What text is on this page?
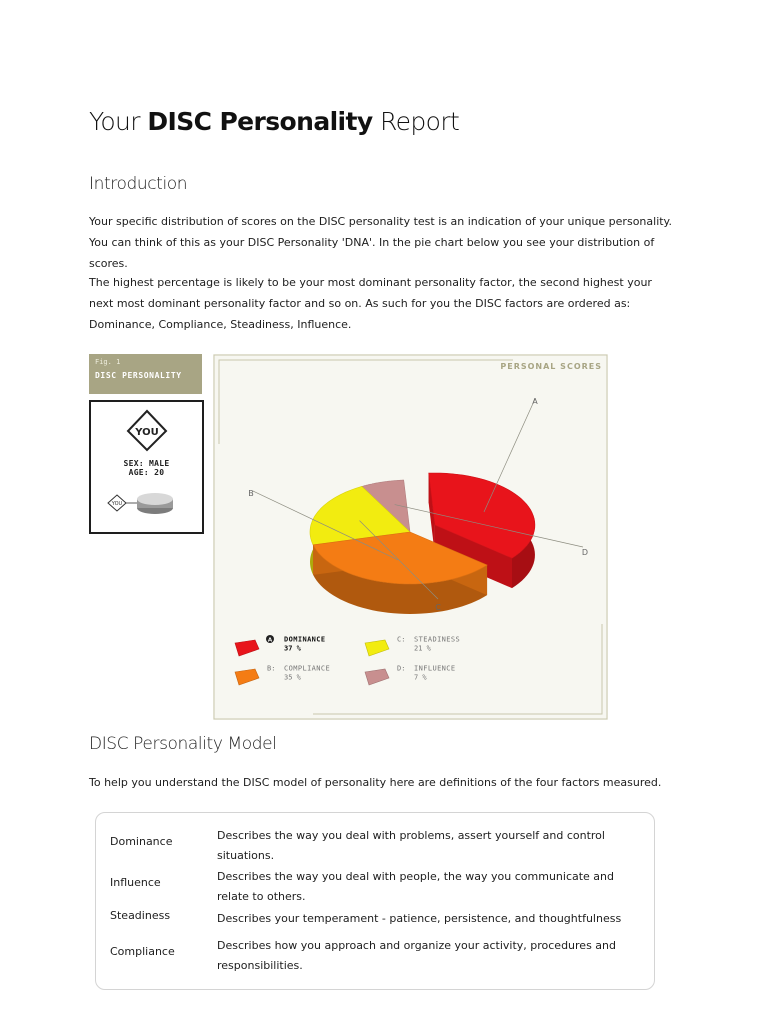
Your DISC Personality Report
Introduction
Your specific distribution of scores on the DISC personality test is an indication of your unique personality. You can think of this as your DISC Personality 'DNA'. In the pie chart below you see your distribution of scores.
The highest percentage is likely to be your most dominant personality factor, the second highest your next most dominant personality factor and so on. As such for you the DISC factors are ordered as: Dominance, Compliance, Steadiness, Influence.
Fig. 1
DISC PERSONALITY
YOU
YOU
SEX: MALE
AGE: 20
PERSONAL SCORES
A
B
C
D
A DOMINANCE
37 %
C: STEADINESS
21 %
B: COMPLIANCE
35 %
D: INFLUENCE
7 %
DISC Personality Model
To help you understand the DISC model of personality here are definitions of the four factors measured.
Dominance	Describes the way you deal with problems, assert yourself and control situations.
Influence	Describes the way you deal with people, the way you communicate and relate to others.
Steadiness	Describes your temperament - patience, persistence, and thoughtfulness
Compliance	Describes how you approach and organize your activity, procedures and responsibilities.
